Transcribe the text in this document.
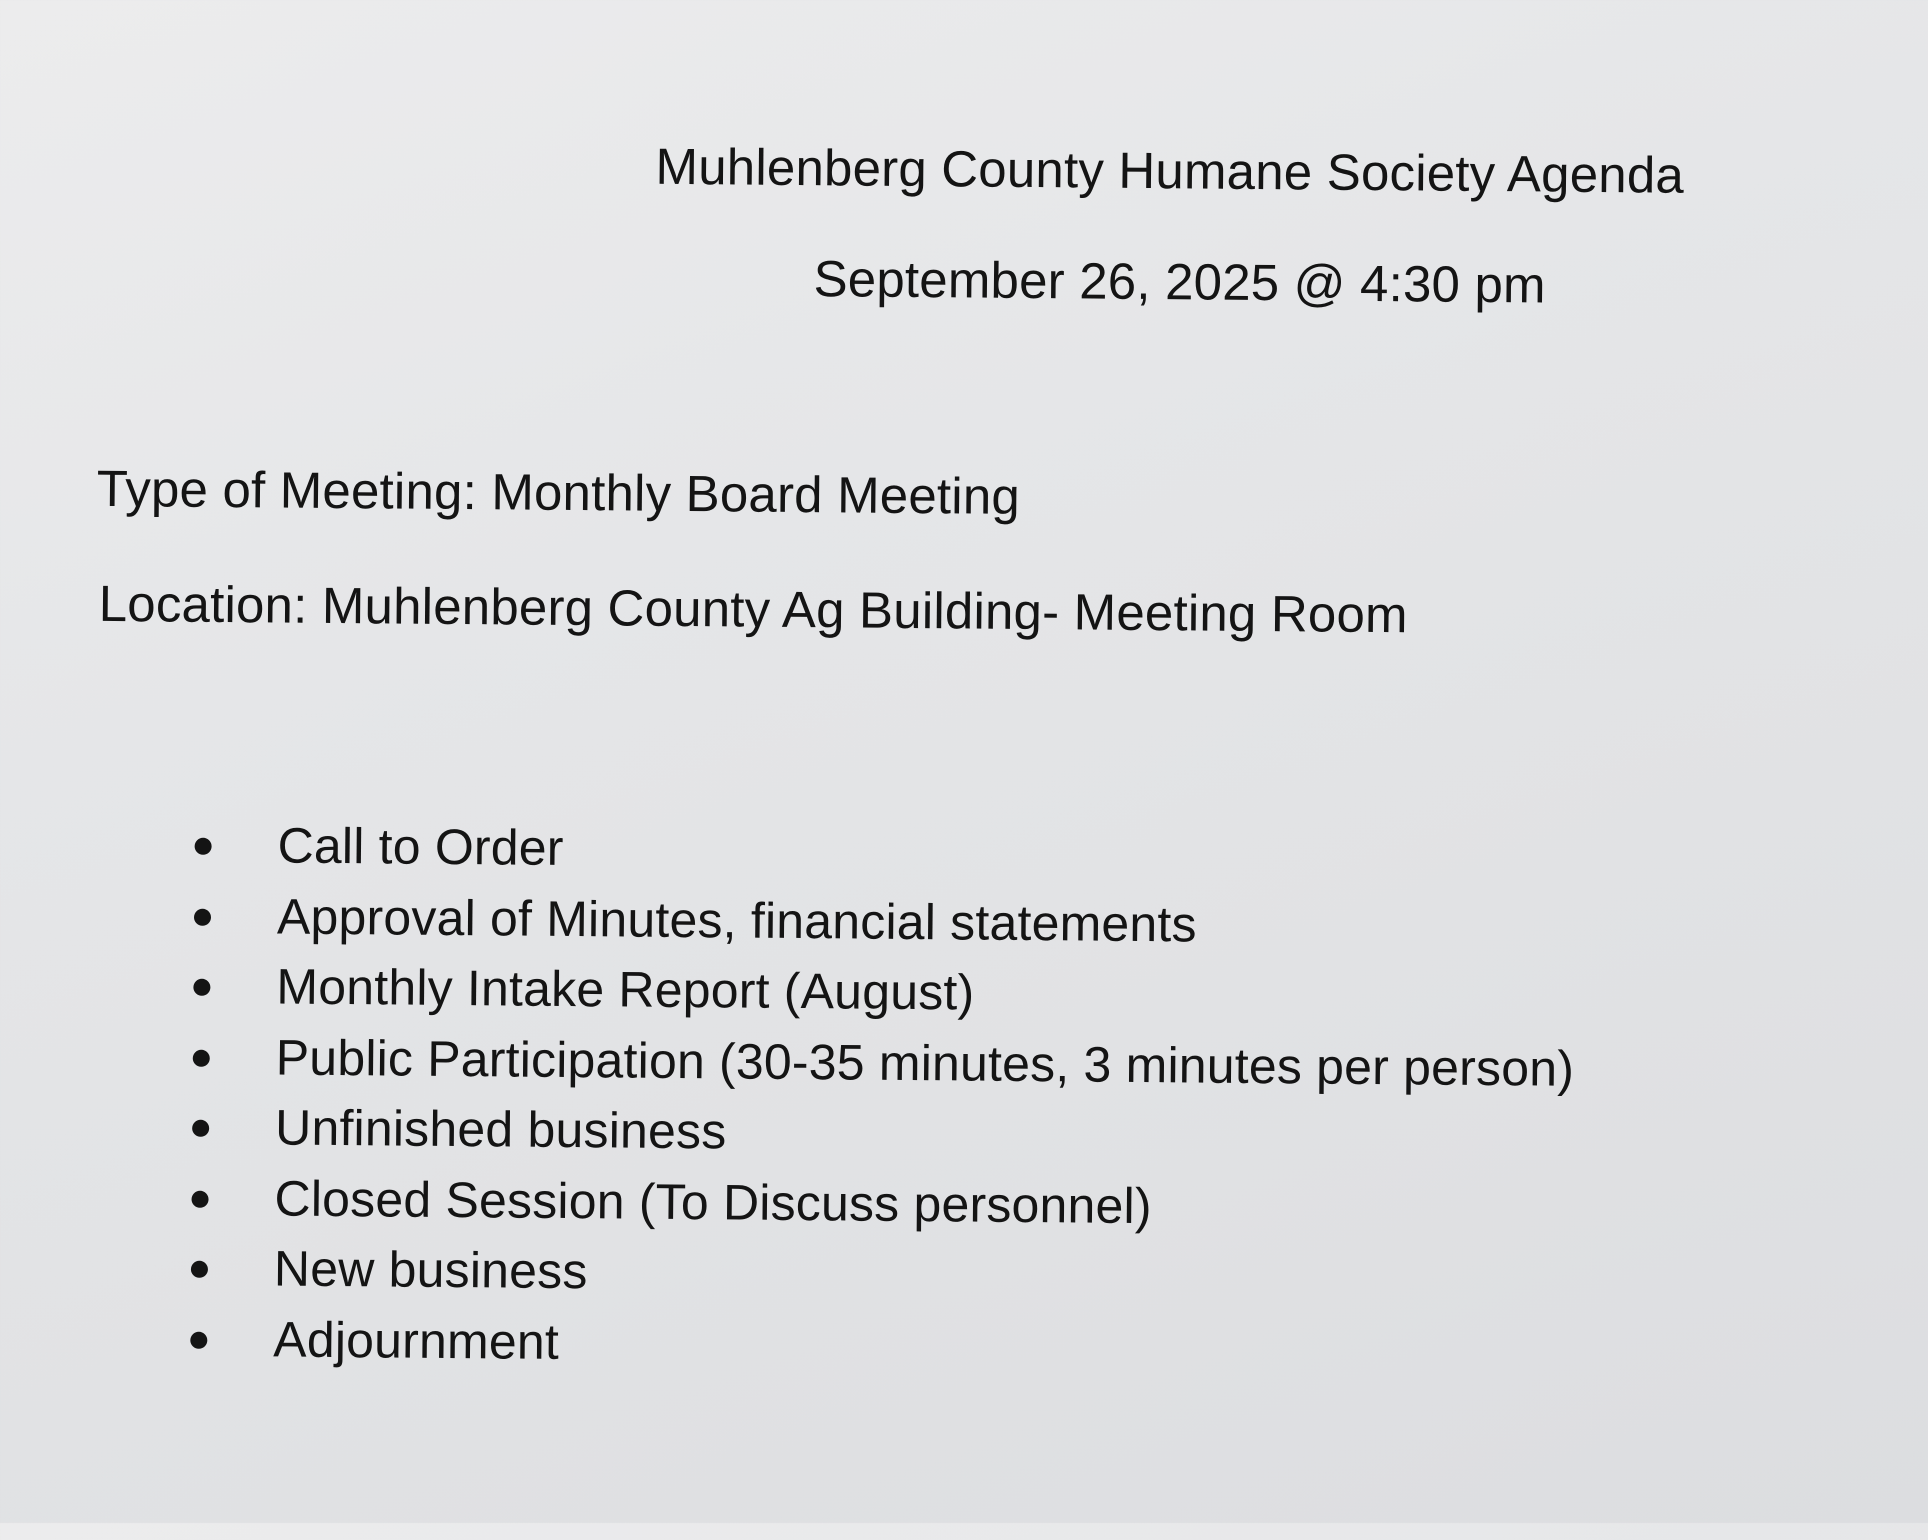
Muhlenberg County Humane Society Agenda
September 26, 2025 @ 4:30 pm
Type of Meeting: Monthly Board Meeting
Location: Muhlenberg County Ag Building- Meeting Room
Call to Order
Approval of Minutes, financial statements
Monthly Intake Report (August)
Public Participation (30-35 minutes, 3 minutes per person)
Unfinished business
Closed Session (To Discuss personnel)
New business
Adjournment
